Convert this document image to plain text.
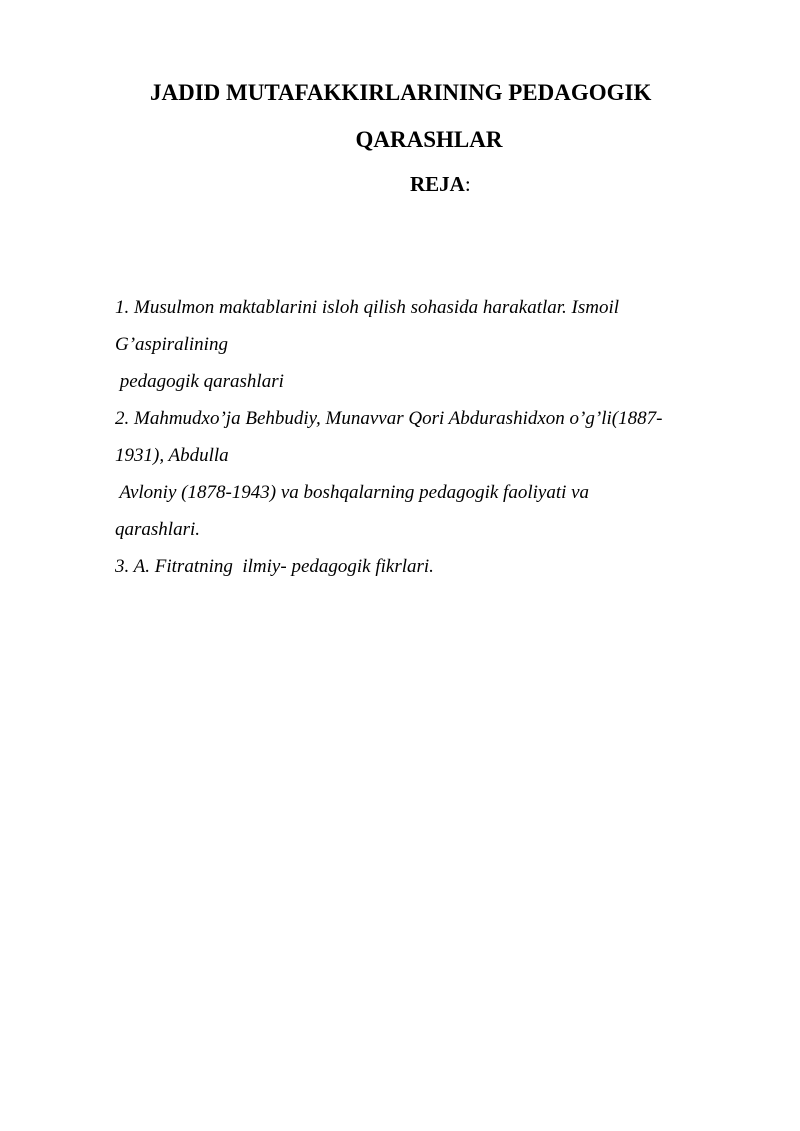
JADID MUTAFAKKIRLARINING PEDAGOGIK
QARASHLAR

REJA:

1. Musulmon maktablarini isloh qilish sohasida harakatlar. Ismoil
G’aspiralining
pedagogik qarashlari
2. Mahmudxo’ja Behbudiy, Munavvar Qori Abdurashidxon o’g’li(1887-
1931), Abdulla
Avloniy (1878-1943) va boshqalarning pedagogik faoliyati va
qarashlari.
3. A. Fitratning  ilmiy- pedagogik fikrlari.
